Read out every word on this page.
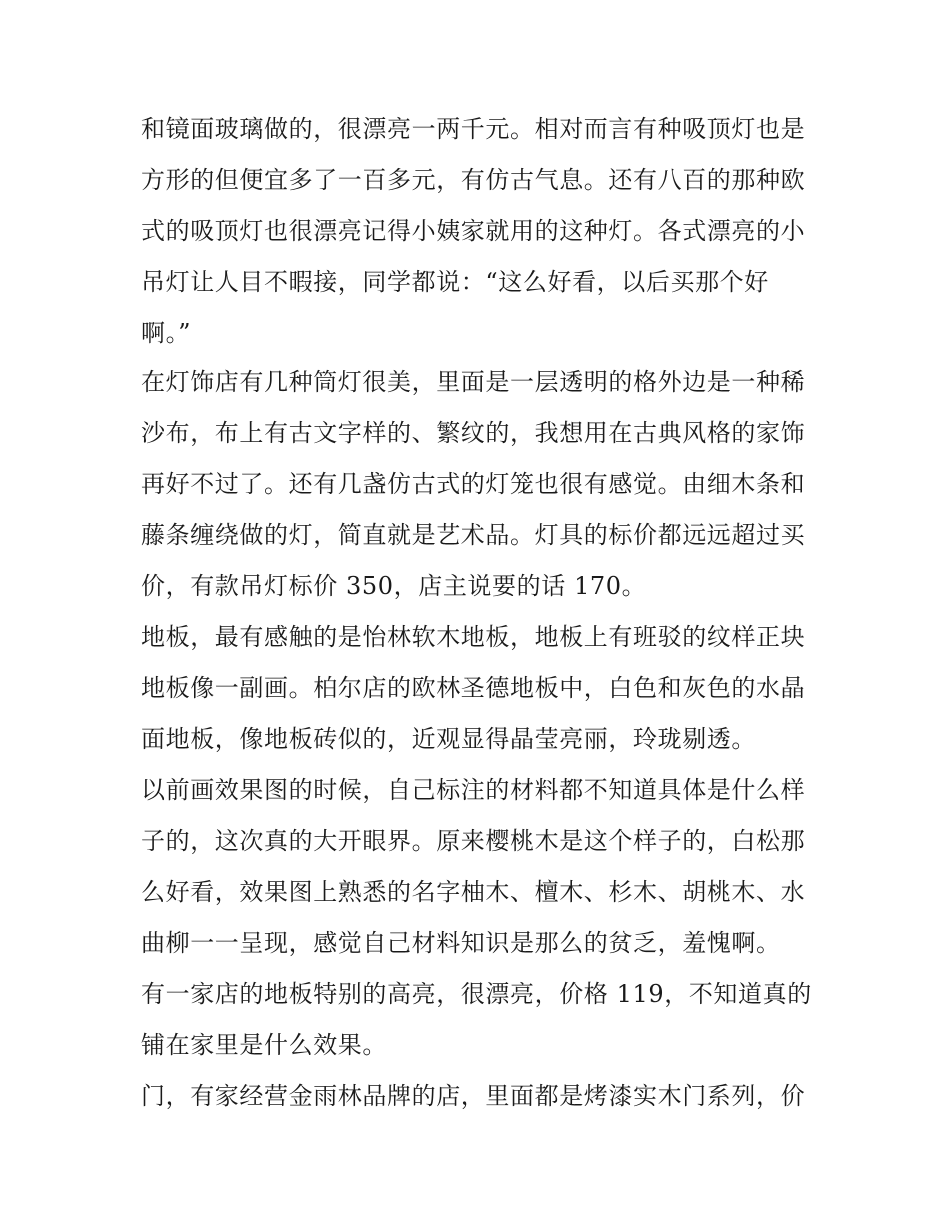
和镜面玻璃做的，很漂亮一两千元。相对而言有种吸顶灯也是
方形的但便宜多了一百多元，有仿古气息。还有八百的那种欧
式的吸顶灯也很漂亮记得小姨家就用的这种灯。各式漂亮的小
吊灯让人目不暇接，同学都说：“这么好看，以后买那个好
啊。”
在灯饰店有几种筒灯很美，里面是一层透明的格外边是一种稀
沙布，布上有古文字样的、繁纹的，我想用在古典风格的家饰
再好不过了。还有几盏仿古式的灯笼也很有感觉。由细木条和
藤条缠绕做的灯，简直就是艺术品。灯具的标价都远远超过买
价，有款吊灯标价 350，店主说要的话 170。
地板，最有感触的是怡林软木地板，地板上有班驳的纹样正块
地板像一副画。柏尔店的欧林圣德地板中，白色和灰色的水晶
面地板，像地板砖似的，近观显得晶莹亮丽，玲珑剔透。
以前画效果图的时候，自己标注的材料都不知道具体是什么样
子的，这次真的大开眼界。原来樱桃木是这个样子的，白松那
么好看，效果图上熟悉的名字柚木、檀木、杉木、胡桃木、水
曲柳一一呈现，感觉自己材料知识是那么的贫乏，羞愧啊。
有一家店的地板特别的高亮，很漂亮，价格 119，不知道真的
铺在家里是什么效果。
门，有家经营金雨林品牌的店，里面都是烤漆实木门系列，价
